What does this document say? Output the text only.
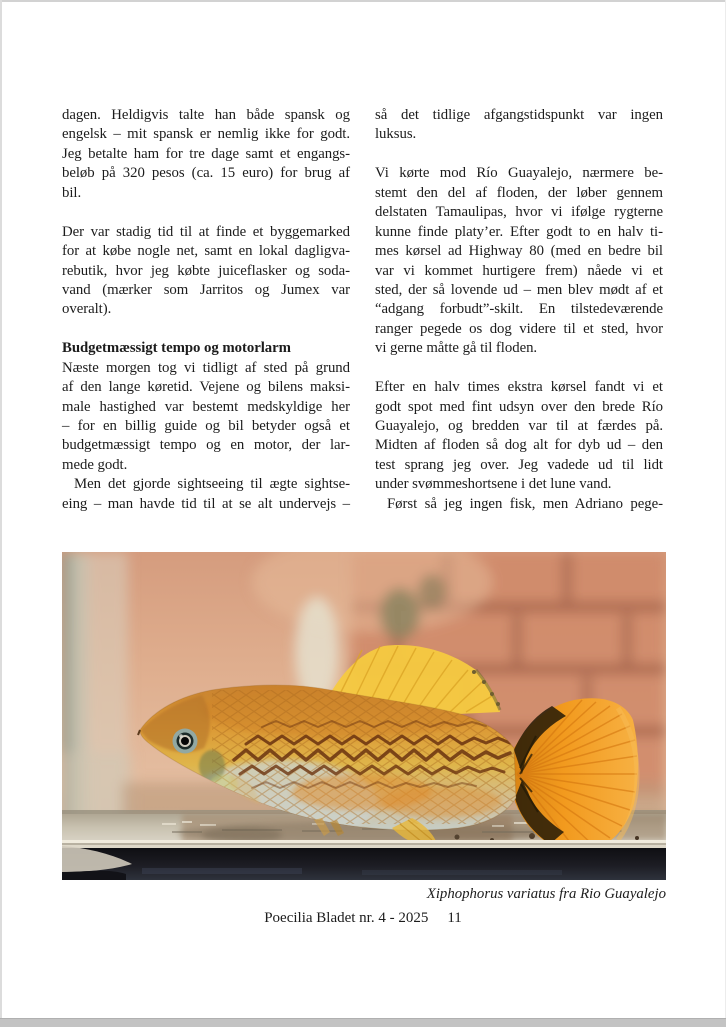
dagen. Heldigvis talte han både spansk og
engelsk – mit spansk er nemlig ikke for godt.
Jeg betalte ham for tre dage samt et engangs-
beløb på 320 pesos (ca. 15 euro) for brug af
bil.
Der var stadig tid til at finde et byggemarked
for at købe nogle net, samt en lokal dagligva-
rebutik, hvor jeg købte juiceflasker og soda-
vand (mærker som Jarritos og Jumex var
overalt).
Budgetmæssigt tempo og motorlarm
Næste morgen tog vi tidligt af sted på grund
af den lange køretid. Vejene og bilens maksi-
male hastighed var bestemt medskyldige her
– for en billig guide og bil betyder også et
budgetmæssigt tempo og en motor, der lar-
mede godt.
Men det gjorde sightseeing til ægte sightse-
eing – man havde tid til at se alt undervejs –
så det tidlige afgangstidspunkt var ingen
luksus.
Vi kørte mod Río Guayalejo, nærmere be-
stemt den del af floden, der løber gennem
delstaten Tamaulipas, hvor vi ifølge rygterne
kunne finde platy’er. Efter godt to en halv ti-
mes kørsel ad Highway 80 (med en bedre bil
var vi kommet hurtigere frem) nåede vi et
sted, der så lovende ud – men blev mødt af et
“adgang forbudt”-skilt. En tilstedeværende
ranger pegede os dog videre til et sted, hvor
vi gerne måtte gå til floden.
Efter en halv times ekstra kørsel fandt vi et
godt spot med fint udsyn over den brede Río
Guayalejo, og bredden var til at færdes på.
Midten af floden så dog alt for dyb ud – den
test sprang jeg over. Jeg vadede ud til lidt
under svømmeshortsene i det lune vand.
Først så jeg ingen fisk, men Adriano pege-
Xiphophorus variatus fra Rio Guayalejo
Poecilia Bladet nr. 4 - 2025 11
